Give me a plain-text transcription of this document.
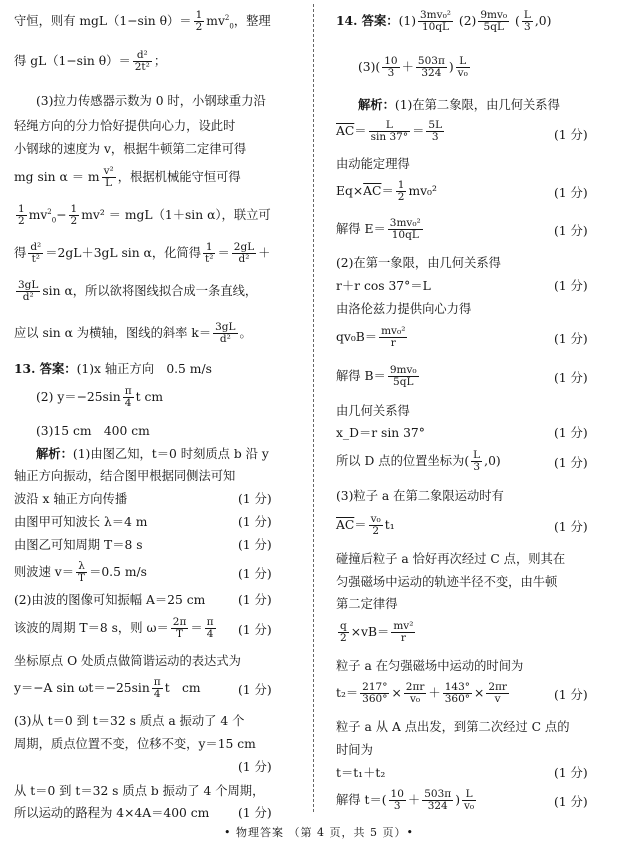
守恒，则有 mgL（1−sin $\theta)= \frac{1}{2} mv^2_0$，整理
得 gL（1−sin $\theta)= \frac{\text{d²}}{\text{2t²}}$ ；
(3)拉力传感器示数为 0 时，小钢球重力沿
轻绳方向的分力恰好提供向心力，设此时
小钢球的速度为 v，根据牛顿第二定律可得
mg sin α ＝ m $\frac{\text{v²}}{L}$ ，根据机械能守恒可得
$\frac{1}{2} mv^2_0- \frac{1}{2} mv^2 = mgL(1+\sin$ α），联立可
得 $\frac{\text{d²}}{\text{t²}} =2gL+3gL$ sin α，化简得 $\frac{1}{\text{t²}} = \frac{2gL}{\text{d²}}$ ＋
$\frac{3gL}{\text{d²}}$ sin α，所以欲将图线拟合成一条直线，
应以 sin α 为横轴，图线的斜率 $k= \frac{3gL}{\text{d²}}$ 。
13. 答案：(1)x 轴正方向　0.5 m/s
(2) $y=-25\sin \frac{\pi}{4}$ t cm
(3)15 cm　400 cm
解析：(1)由图乙知，t＝0 时刻质点 b 沿 y
轴正方向振动，结合图甲根据同侧法可知
波沿 x 轴正方向传播	(1 分)
由图甲可知波长 λ＝4 m	(1 分)
由图乙可知周期 T＝8 s	(1 分)
则波速 $v= \frac{\lambda}{T} =0.5$ m/s	(1 分)
(2)由波的图像可知振幅 A＝25 cm	(1 分)
该波的周期 T＝8 s，则 $\omega= \frac{2\pi}{T} = \frac{\pi}{4} (1$ 分)
坐标原点 O 处质点做简谐运动的表达式为
y＝−A $\sin \omega t=-25\sin \frac{\pi}{4}$ t　cm	(1 分)
(3)从 t＝0 到 t＝32 s 质点 a 振动了 4 个
周期，质点位置不变，位移不变，y＝15 cm
(1 分)
从 t＝0 到 t＝32 s 质点 b 振动了 4 个周期，
所以运动的路程为 4×4A＝400 cm (1 分)
14. 答案：$(1) \frac{\text{3mv₀²}}{10qL} (2) \frac{\text{9mv₀}}{5qL}$ ( $\frac{L}{3} ,0$)
$(3)( \frac{10}{3} + \frac{503\pi}{324}$ ) $\frac{L}{\text{v₀}}$
解析：(1)在第二象限，由几何关系得
$\overline{AC}= \frac{L}{\sin 37^\circ} = \frac{5L}{3}$	(1 分)
由动能定理得
$Eq\times\overline{AC}= \frac{1}{2} mv_0^2$	(1 分)
解得 $E= \frac{\text{3mv₀²}}{10qL}$	(1 分)
(2)在第一象限，由几何关系得
r＋r cos 37°＝L	(1 分)
由洛伦兹力提供向心力得
$qv_0B= \frac{\text{mv₀²}}{r}$	(1 分)
解得 $B= \frac{\text{9mv₀}}{5qL}$	(1 分)
由几何关系得
x_D＝r sin 37°	(1 分)
所以 D 点的位置坐标为( $\frac{L}{3} ,0$)	(1 分)
(3)粒子 a 在第二象限运动时有
$\overline{AC}= \frac{\text{v₀}}{2} t_1$	(1 分)
碰撞后粒子 a 恰好再次经过 C 点，则其在
匀强磁场中运动的轨迹半径不变，由牛顿
第二定律得
$\frac{q}{2} \times vB= \frac{\text{mv²}}{r}$
粒子 a 在匀强磁场中运动的时间为
$t_2= \frac{217^\circ}{360^\circ} \times \frac{2\pi r}{\text{v₀}} + \frac{143^\circ}{360^\circ} \times \frac{2\pi r}{v}$	(1 分)
粒子 a 从 A 点出发，到第二次经过 C 点的
时间为
t＝t₁＋t₂	(1 分)
解得 $t=( \frac{10}{3} + \frac{503\pi}{324}$ ) $\frac{L}{\text{v₀}}$	(1 分)
• 物理答案 （第 4 页，共 5 页）•
